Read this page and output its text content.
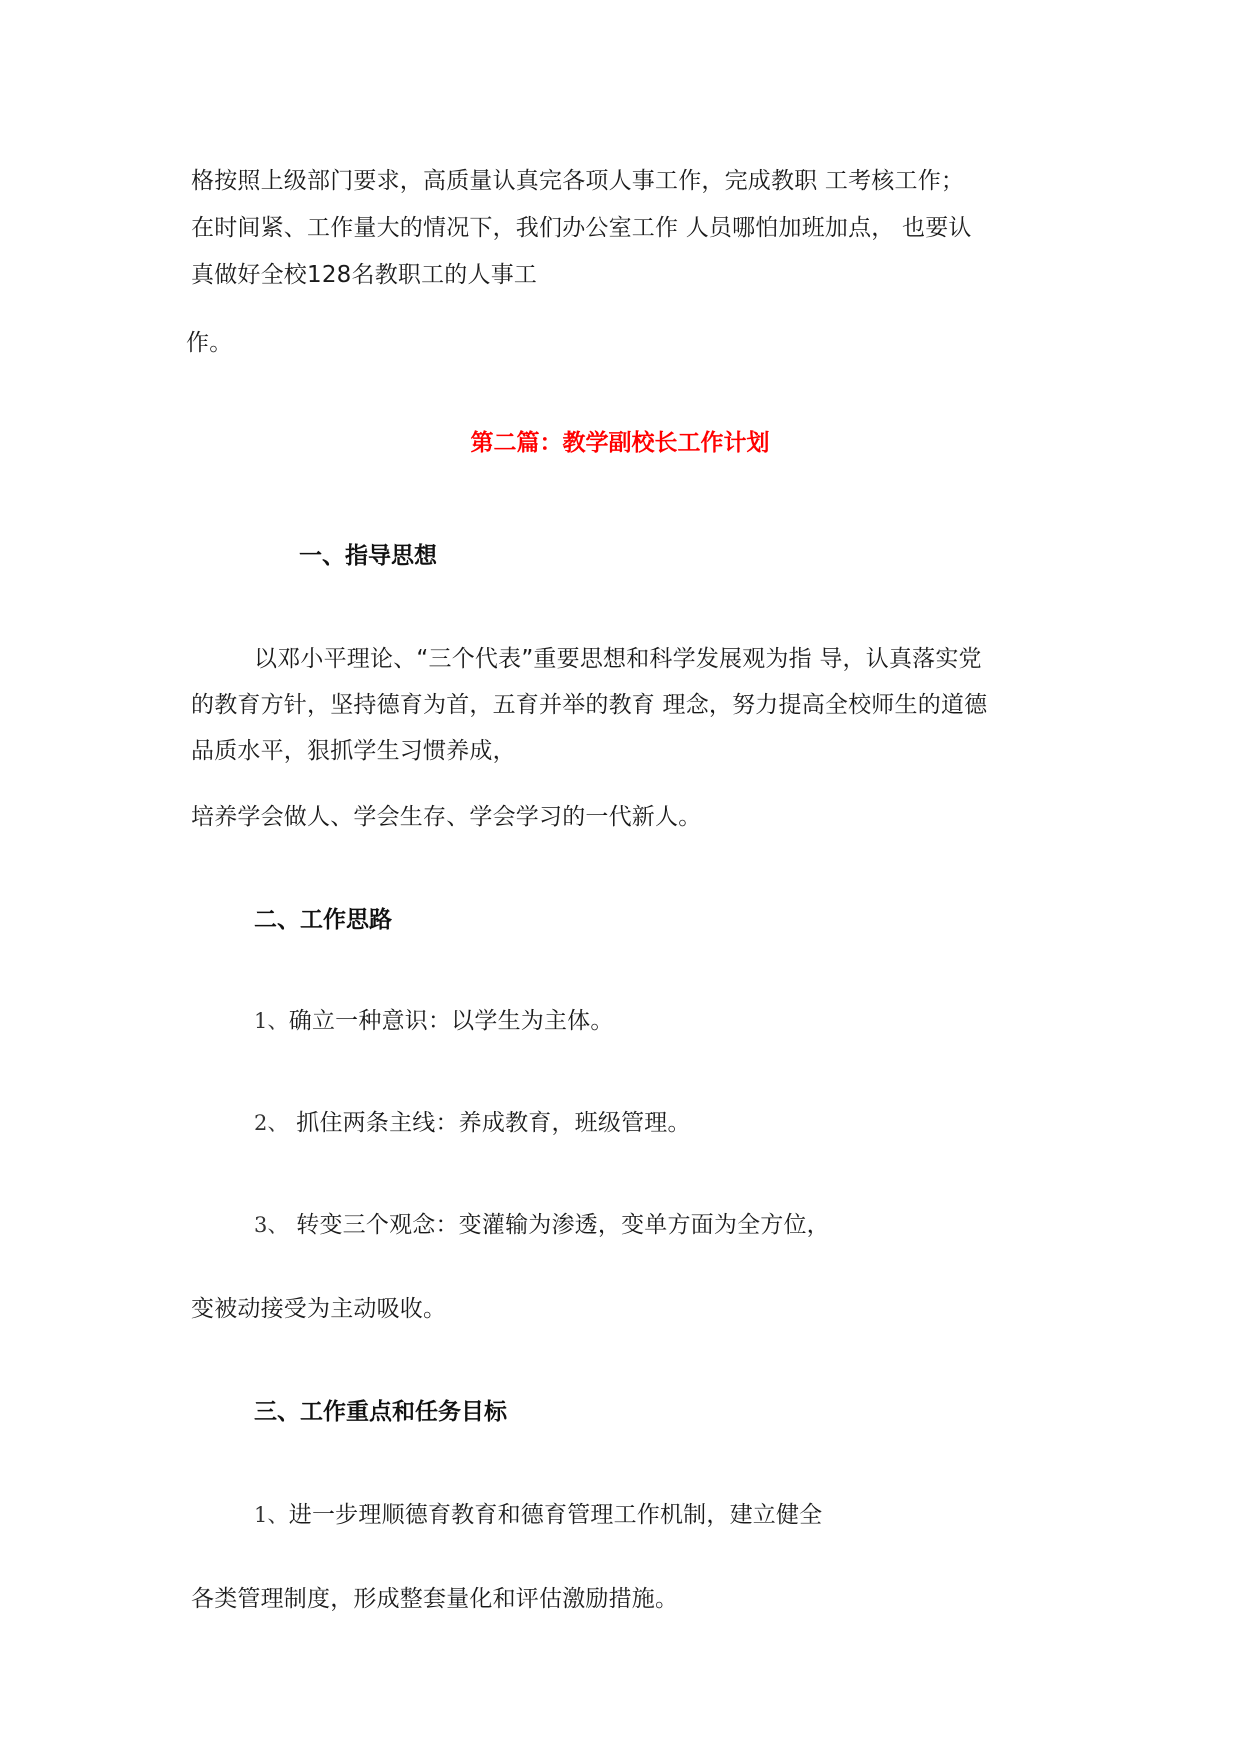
格按照上级部门要求，高质量认真完各项人事工作，完成教职 工考核工作；
在时间紧、工作量大的情况下，我们办公室工作 人员哪怕加班加点， 也要认
真做好全校128名教职工的人事工
作。
第二篇：教学副校长工作计划
一、指导思想
以邓小平理论、“三个代表”重要思想和科学发展观为指 导，认真落实党
的教育方针，坚持德育为首，五育并举的教育 理念，努力提高全校师生的道德
品质水平，狠抓学生习惯养成，
培养学会做人、学会生存、学会学习的一代新人。
二、工作思路
1、确立一种意识：以学生为主体。
2、 抓住两条主线：养成教育，班级管理。
3、 转变三个观念：变灌输为渗透，变单方面为全方位，
变被动接受为主动吸收。
三、工作重点和任务目标
1、进一步理顺德育教育和德育管理工作机制，建立健全
各类管理制度，形成整套量化和评估激励措施。
